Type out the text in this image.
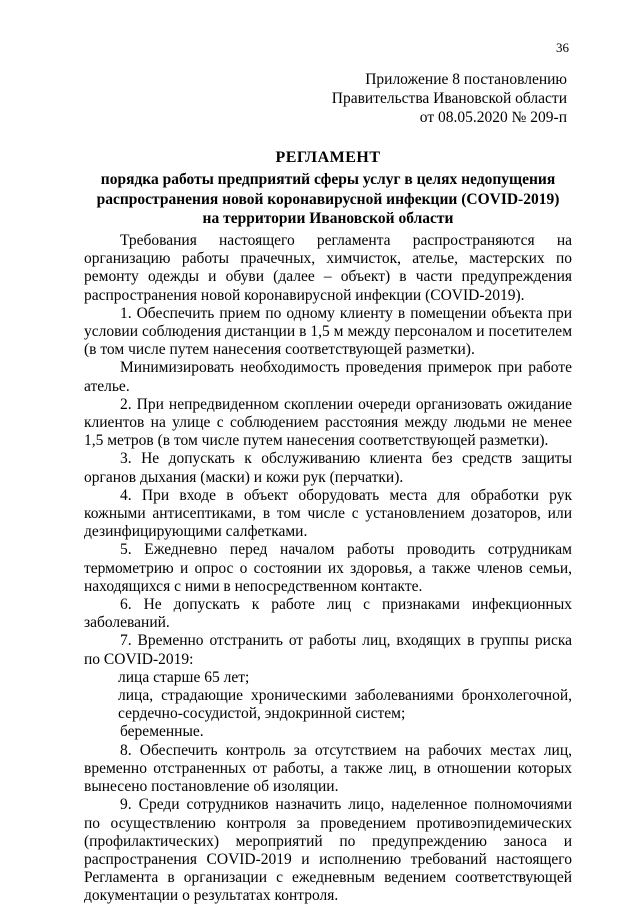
36
Приложение 8 постановлению
Правительства Ивановской области
от 08.05.2020 № 209-п
РЕГЛАМЕНТ
порядка работы предприятий сферы услуг в целях недопущения
распространения новой коронавирусной инфекции (COVID-2019)
на территории Ивановской области

Требования настоящего регламента распространяются на организацию работы прачечных, химчисток, ателье, мастерских по ремонту одежды и обуви (далее – объект) в части предупреждения распространения новой коронавирусной инфекции (COVID-2019).

1. Обеспечить прием по одному клиенту в помещении объекта при условии соблюдения дистанции в 1,5 м между персоналом и посетителем (в том числе путем нанесения соответствующей разметки).

Минимизировать необходимость проведения примерок при работе ателье.

2. При непредвиденном скоплении очереди организовать ожидание клиентов на улице с соблюдением расстояния между людьми не менее 1,5 метров (в том числе путем нанесения соответствующей разметки).

3. Не допускать к обслуживанию клиента без средств защиты органов дыхания (маски) и кожи рук (перчатки).

4. При входе в объект оборудовать места для обработки рук кожными антисептиками, в том числе с установлением дозаторов, или дезинфицирующими салфетками.

5. Ежедневно перед началом работы проводить сотрудникам термометрию и опрос о состоянии их здоровья, а также членов семьи, находящихся с ними в непосредственном контакте.

6. Не допускать к работе лиц с признаками инфекционных заболеваний.

7. Временно отстранить от работы лиц, входящих в группы риска по COVID-2019:

лица старше 65 лет;

лица, страдающие хроническими заболеваниями бронхолегочной, сердечно-сосудистой, эндокринной систем;

беременные.

8. Обеспечить контроль за отсутствием на рабочих местах лиц, временно отстраненных от работы, а также лиц, в отношении которых вынесено постановление об изоляции.

9. Среди сотрудников назначить лицо, наделенное полномочиями по осуществлению контроля за проведением противоэпидемических (профилактических) мероприятий по предупреждению заноса и распространения COVID-2019 и исполнению требований настоящего Регламента в организации с ежедневным ведением соответствующей документации о результатах контроля.
